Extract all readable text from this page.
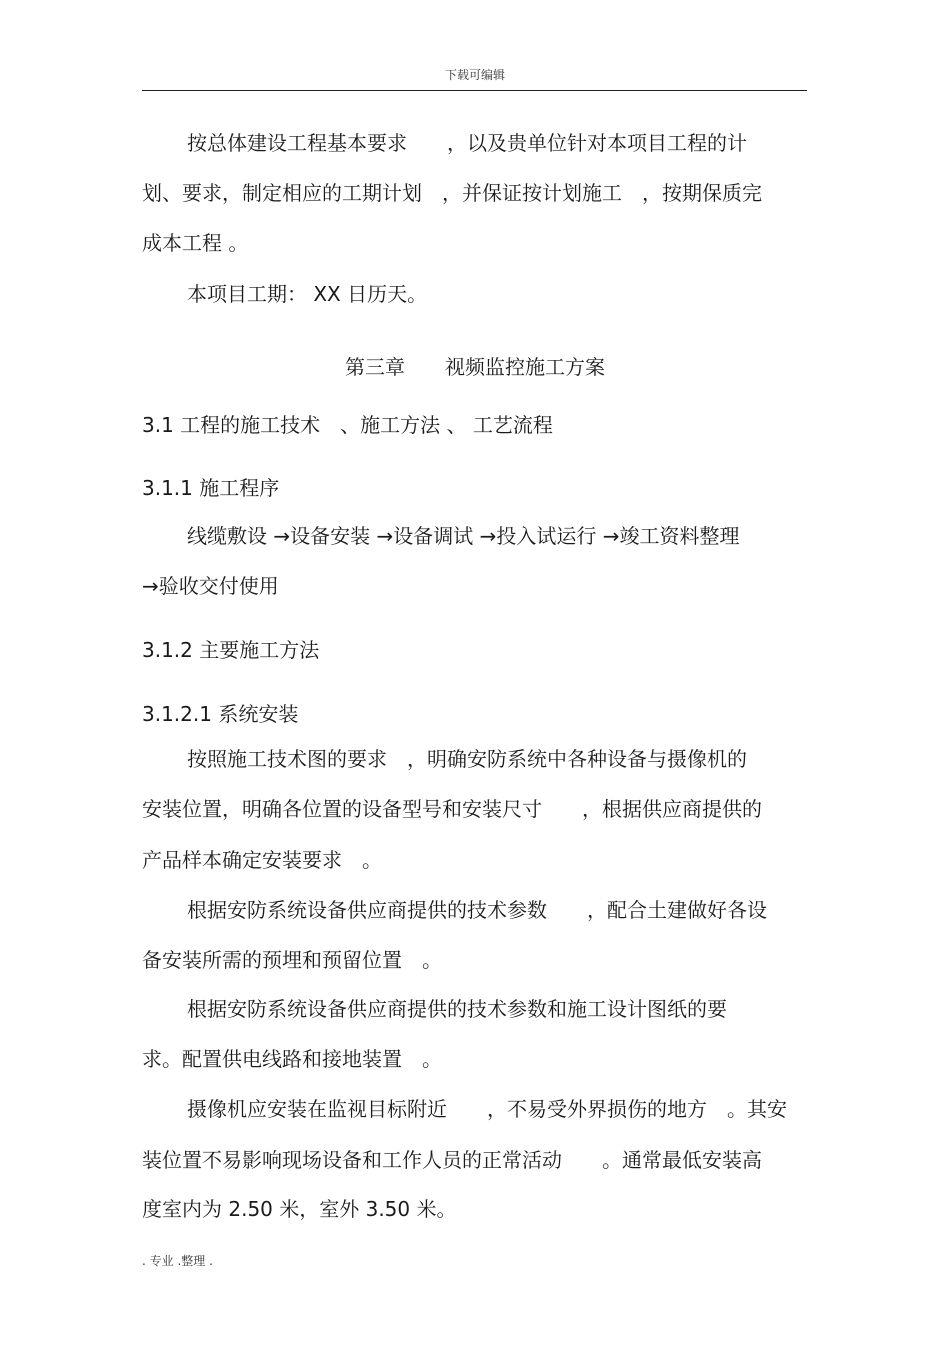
下载可编辑
按总体建设工程基本要求　　，以及贵单位针对本项目工程的计
划、要求，制定相应的工期计划　，并保证按计划施工　，按期保质完
成本工程 。
本项目工期： XX 日历天。
第三章　　视频监控施工方案
3.1 工程的施工技术　、施工方法 、 工艺流程
3.1.1 施工程序
线缆敷设 →设备安装 →设备调试 →投入试运行 →竣工资料整理
→验收交付使用
3.1.2 主要施工方法
3.1.2.1 系统安装
按照施工技术图的要求　，明确安防系统中各种设备与摄像机的
安装位置，明确各位置的设备型号和安装尺寸　　，根据供应商提供的
产品样本确定安装要求　。
根据安防系统设备供应商提供的技术参数　　，配合土建做好各设
备安装所需的预埋和预留位置　。
根据安防系统设备供应商提供的技术参数和施工设计图纸的要
求。配置供电线路和接地装置　。
摄像机应安装在监视目标附近　　，不易受外界损伤的地方　。其安
装位置不易影响现场设备和工作人员的正常活动　　。通常最低安装高
度室内为 2.50 米，室外 3.50 米。
. 专业 .整理 .
